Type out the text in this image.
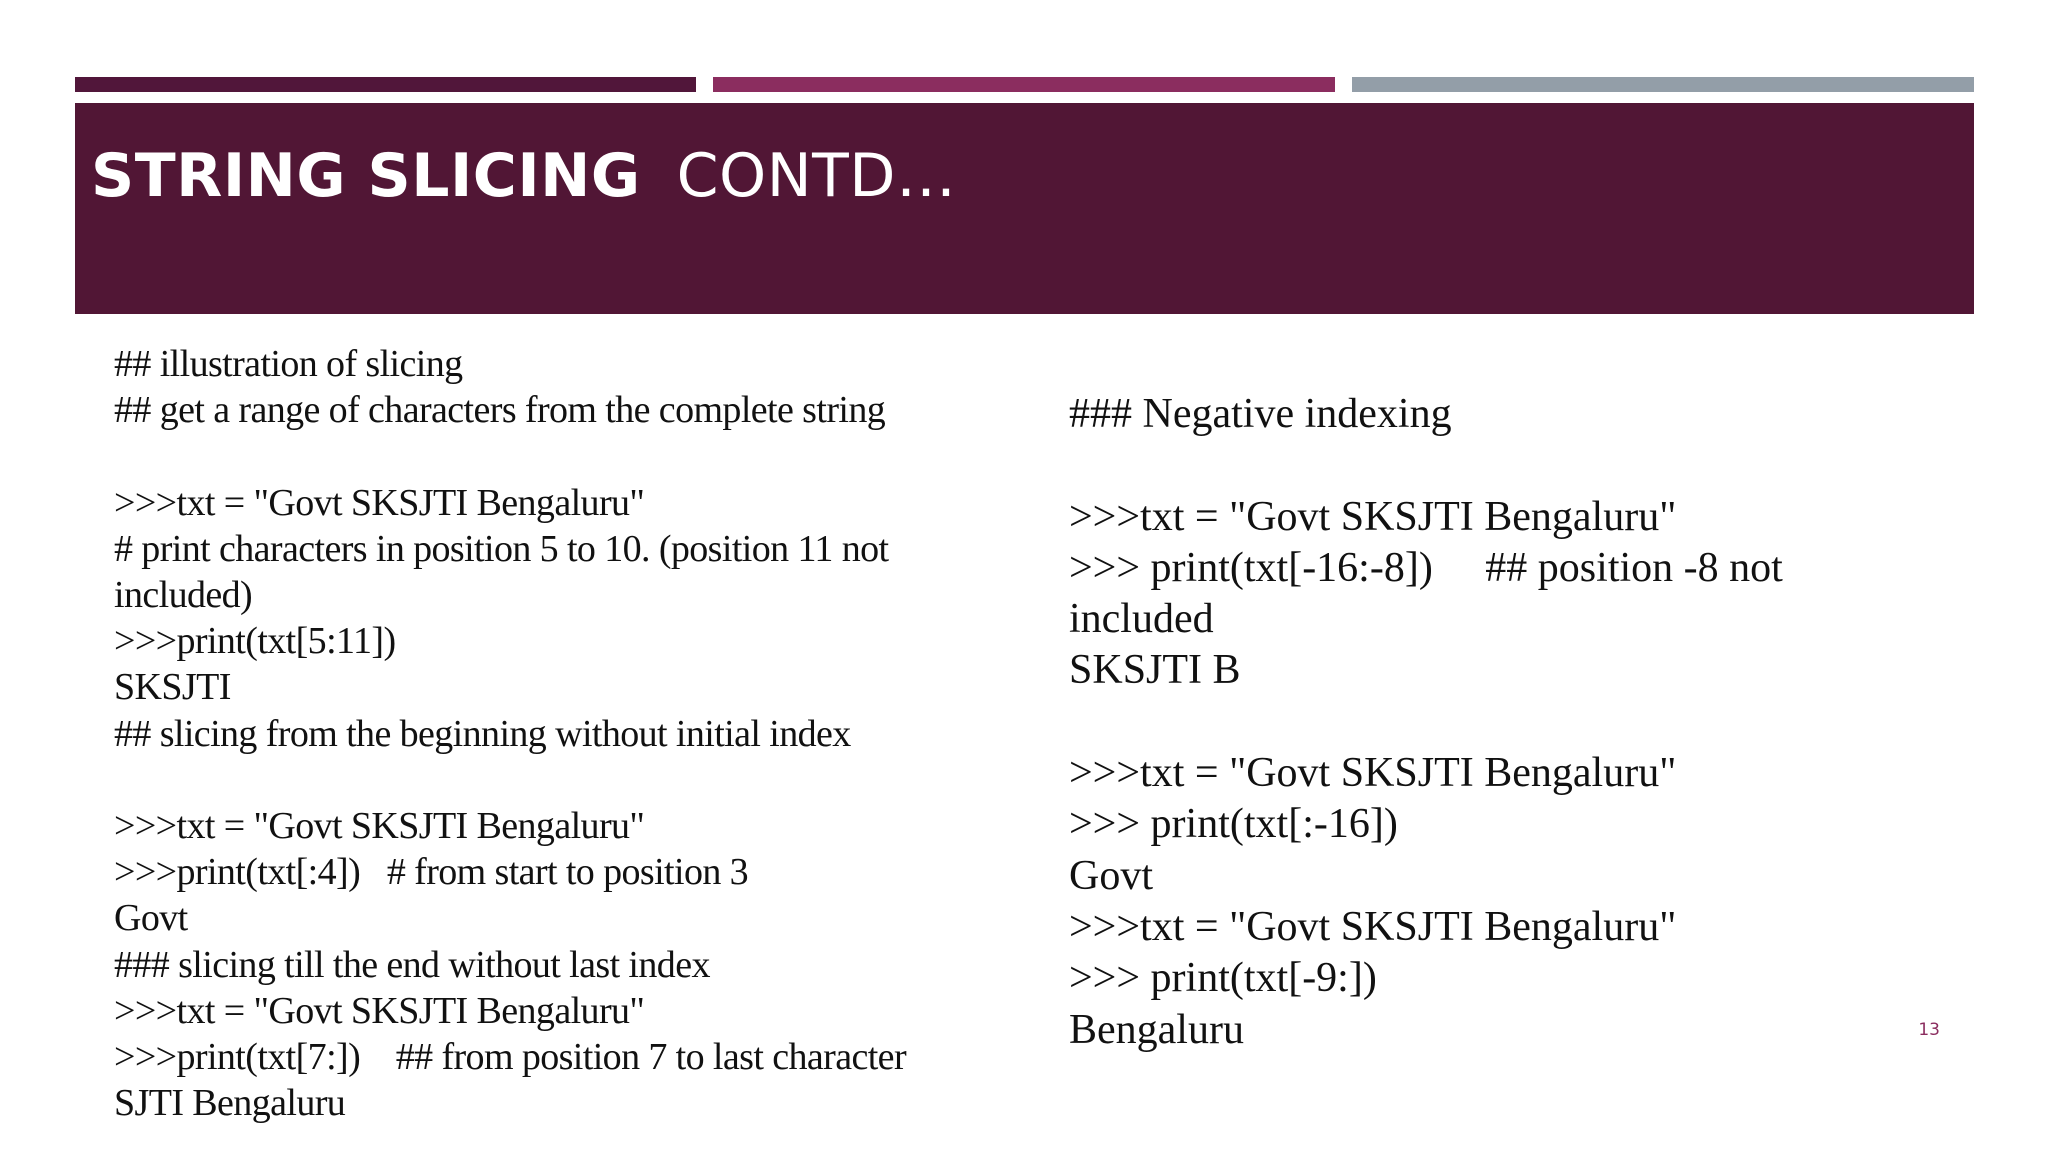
STRING SLICING CONTD…
## illustration of slicing
## get a range of characters from the complete string
>>>txt = "Govt SKSJTI Bengaluru"
# print characters in position 5 to 10. (position 11 not
included)
>>>print(txt[5:11])
SKSJTI
## slicing from the beginning without initial index
>>>txt = "Govt SKSJTI Bengaluru"
>>>print(txt[:4])   # from start to position 3
Govt
### slicing till the end without last index
>>>txt = "Govt SKSJTI Bengaluru"
>>>print(txt[7:])    ## from position 7 to last character
SJTI Bengaluru
### Negative indexing
>>>txt = "Govt SKSJTI Bengaluru"
>>> print(txt[-16:-8])     ## position -8 not
included
SKSJTI B
>>>txt = "Govt SKSJTI Bengaluru"
>>> print(txt[:-16])
Govt
>>>txt = "Govt SKSJTI Bengaluru"
>>> print(txt[-9:])
Bengaluru	13
